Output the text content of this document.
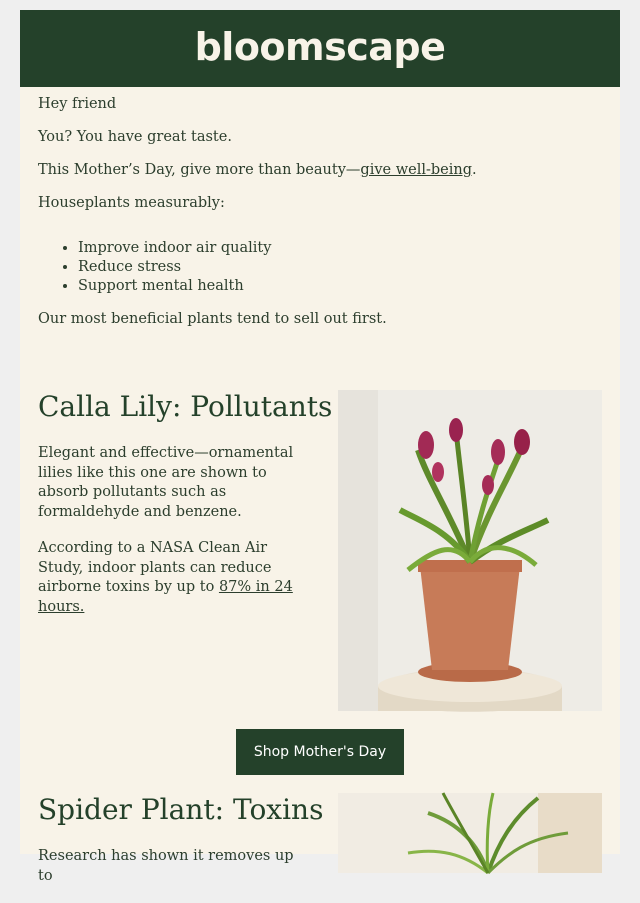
bloomscape

Hey friend

You? You have great taste.

This Mother’s Day, give more than beauty—give well-being.

Houseplants measurably:

• Improve indoor air quality
• Reduce stress
• Support mental health

Our most beneficial plants tend to sell out first.

Calla Lily: Pollutants

Elegant and effective—ornamental lilies like this one are shown to absorb pollutants such as formaldehyde and benzene.

According to a NASA Clean Air Study, indoor plants can reduce airborne toxins by up to 87% in 24 hours.

Shop Mother's Day
Spider Plant: Toxins

Research has shown it removes up to
